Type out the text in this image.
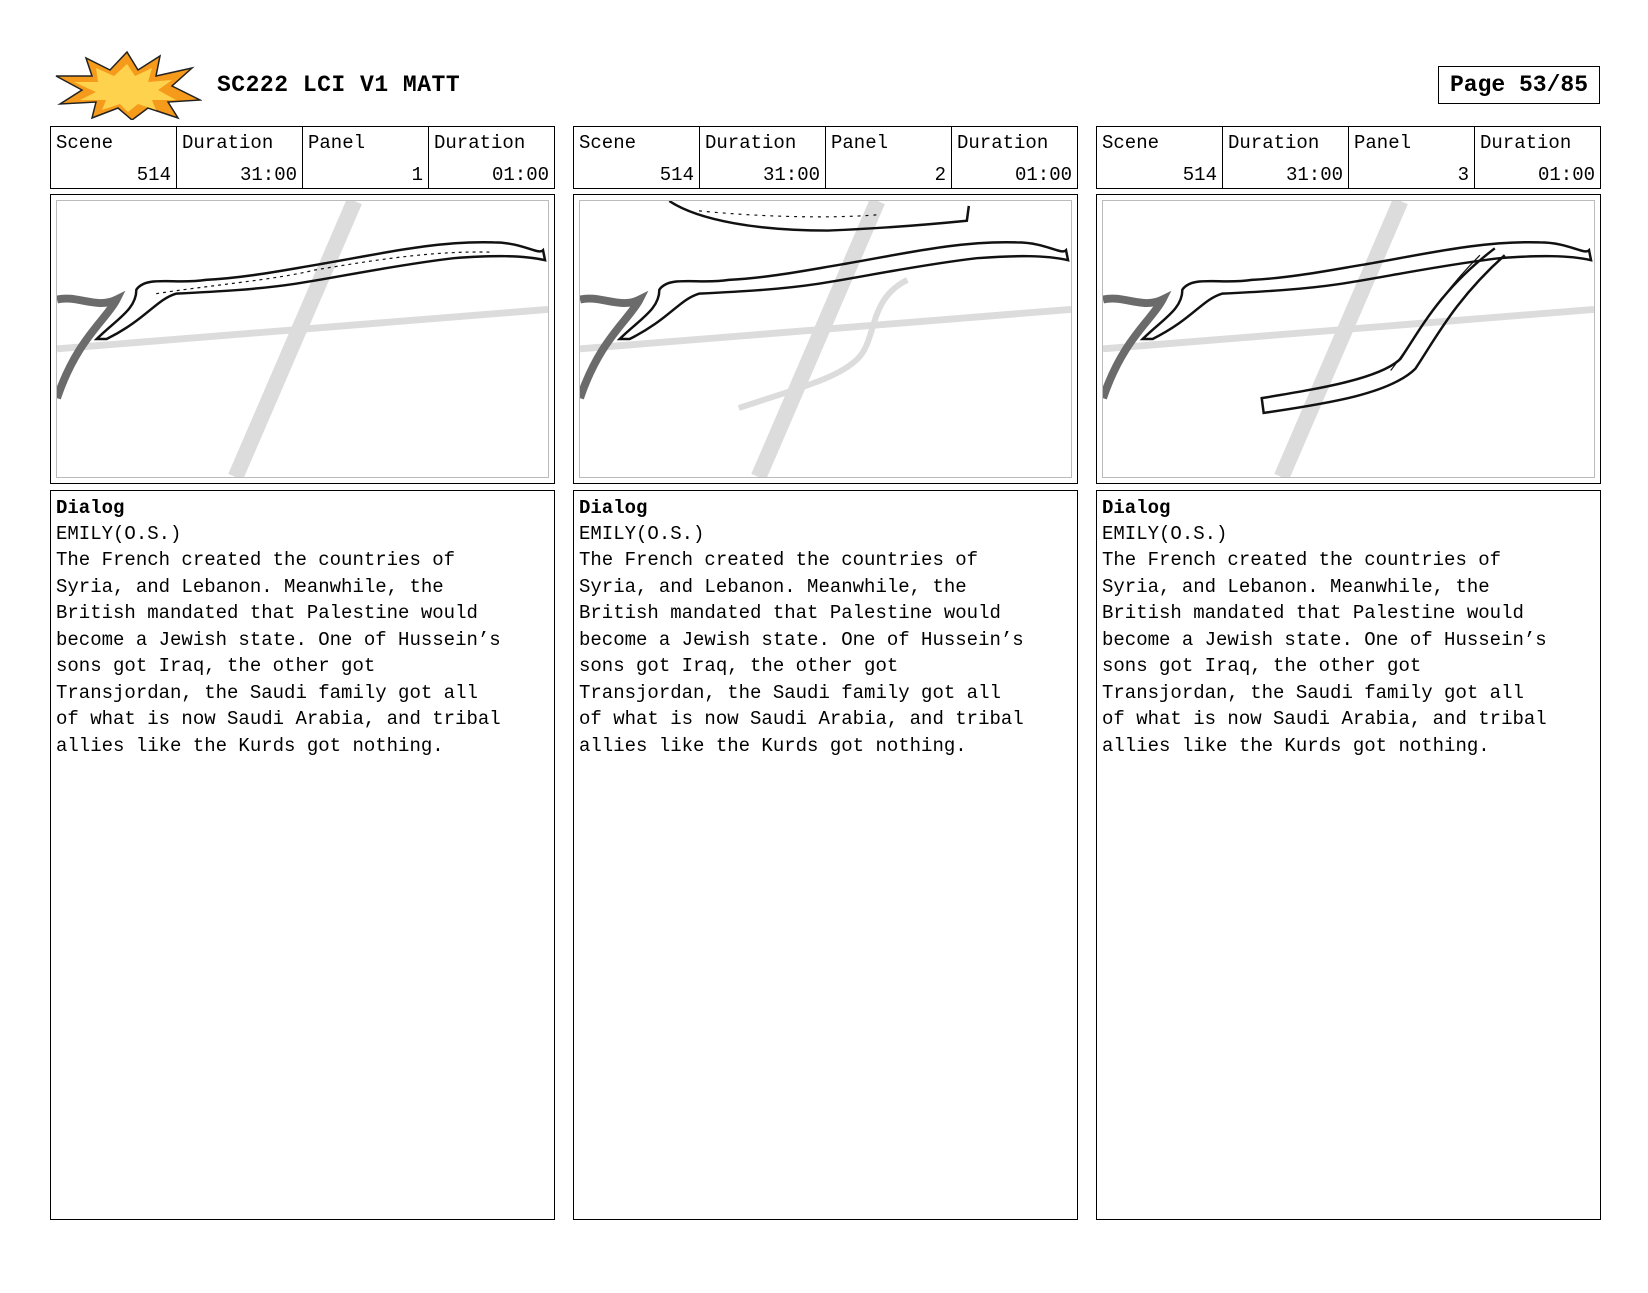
SC222 LCI V1 MATT	Page 53/85
Scene
514
Duration
31:00
Panel
1
Duration
01:00
Dialog
EMILY(O.S.)
The French created the countries of
Syria, and Lebanon. Meanwhile, the
British mandated that Palestine would
become a Jewish state. One of Hussein’s
sons got Iraq, the other got
Transjordan, the Saudi family got all
of what is now Saudi Arabia, and tribal
allies like the Kurds got nothing.
Scene
514
Duration
31:00
Panel
2
Duration
01:00
Dialog
EMILY(O.S.)
The French created the countries of
Syria, and Lebanon. Meanwhile, the
British mandated that Palestine would
become a Jewish state. One of Hussein’s
sons got Iraq, the other got
Transjordan, the Saudi family got all
of what is now Saudi Arabia, and tribal
allies like the Kurds got nothing.
Scene
514
Duration
31:00
Panel
3
Duration
01:00
Dialog
EMILY(O.S.)
The French created the countries of
Syria, and Lebanon. Meanwhile, the
British mandated that Palestine would
become a Jewish state. One of Hussein’s
sons got Iraq, the other got
Transjordan, the Saudi family got all
of what is now Saudi Arabia, and tribal
allies like the Kurds got nothing.
